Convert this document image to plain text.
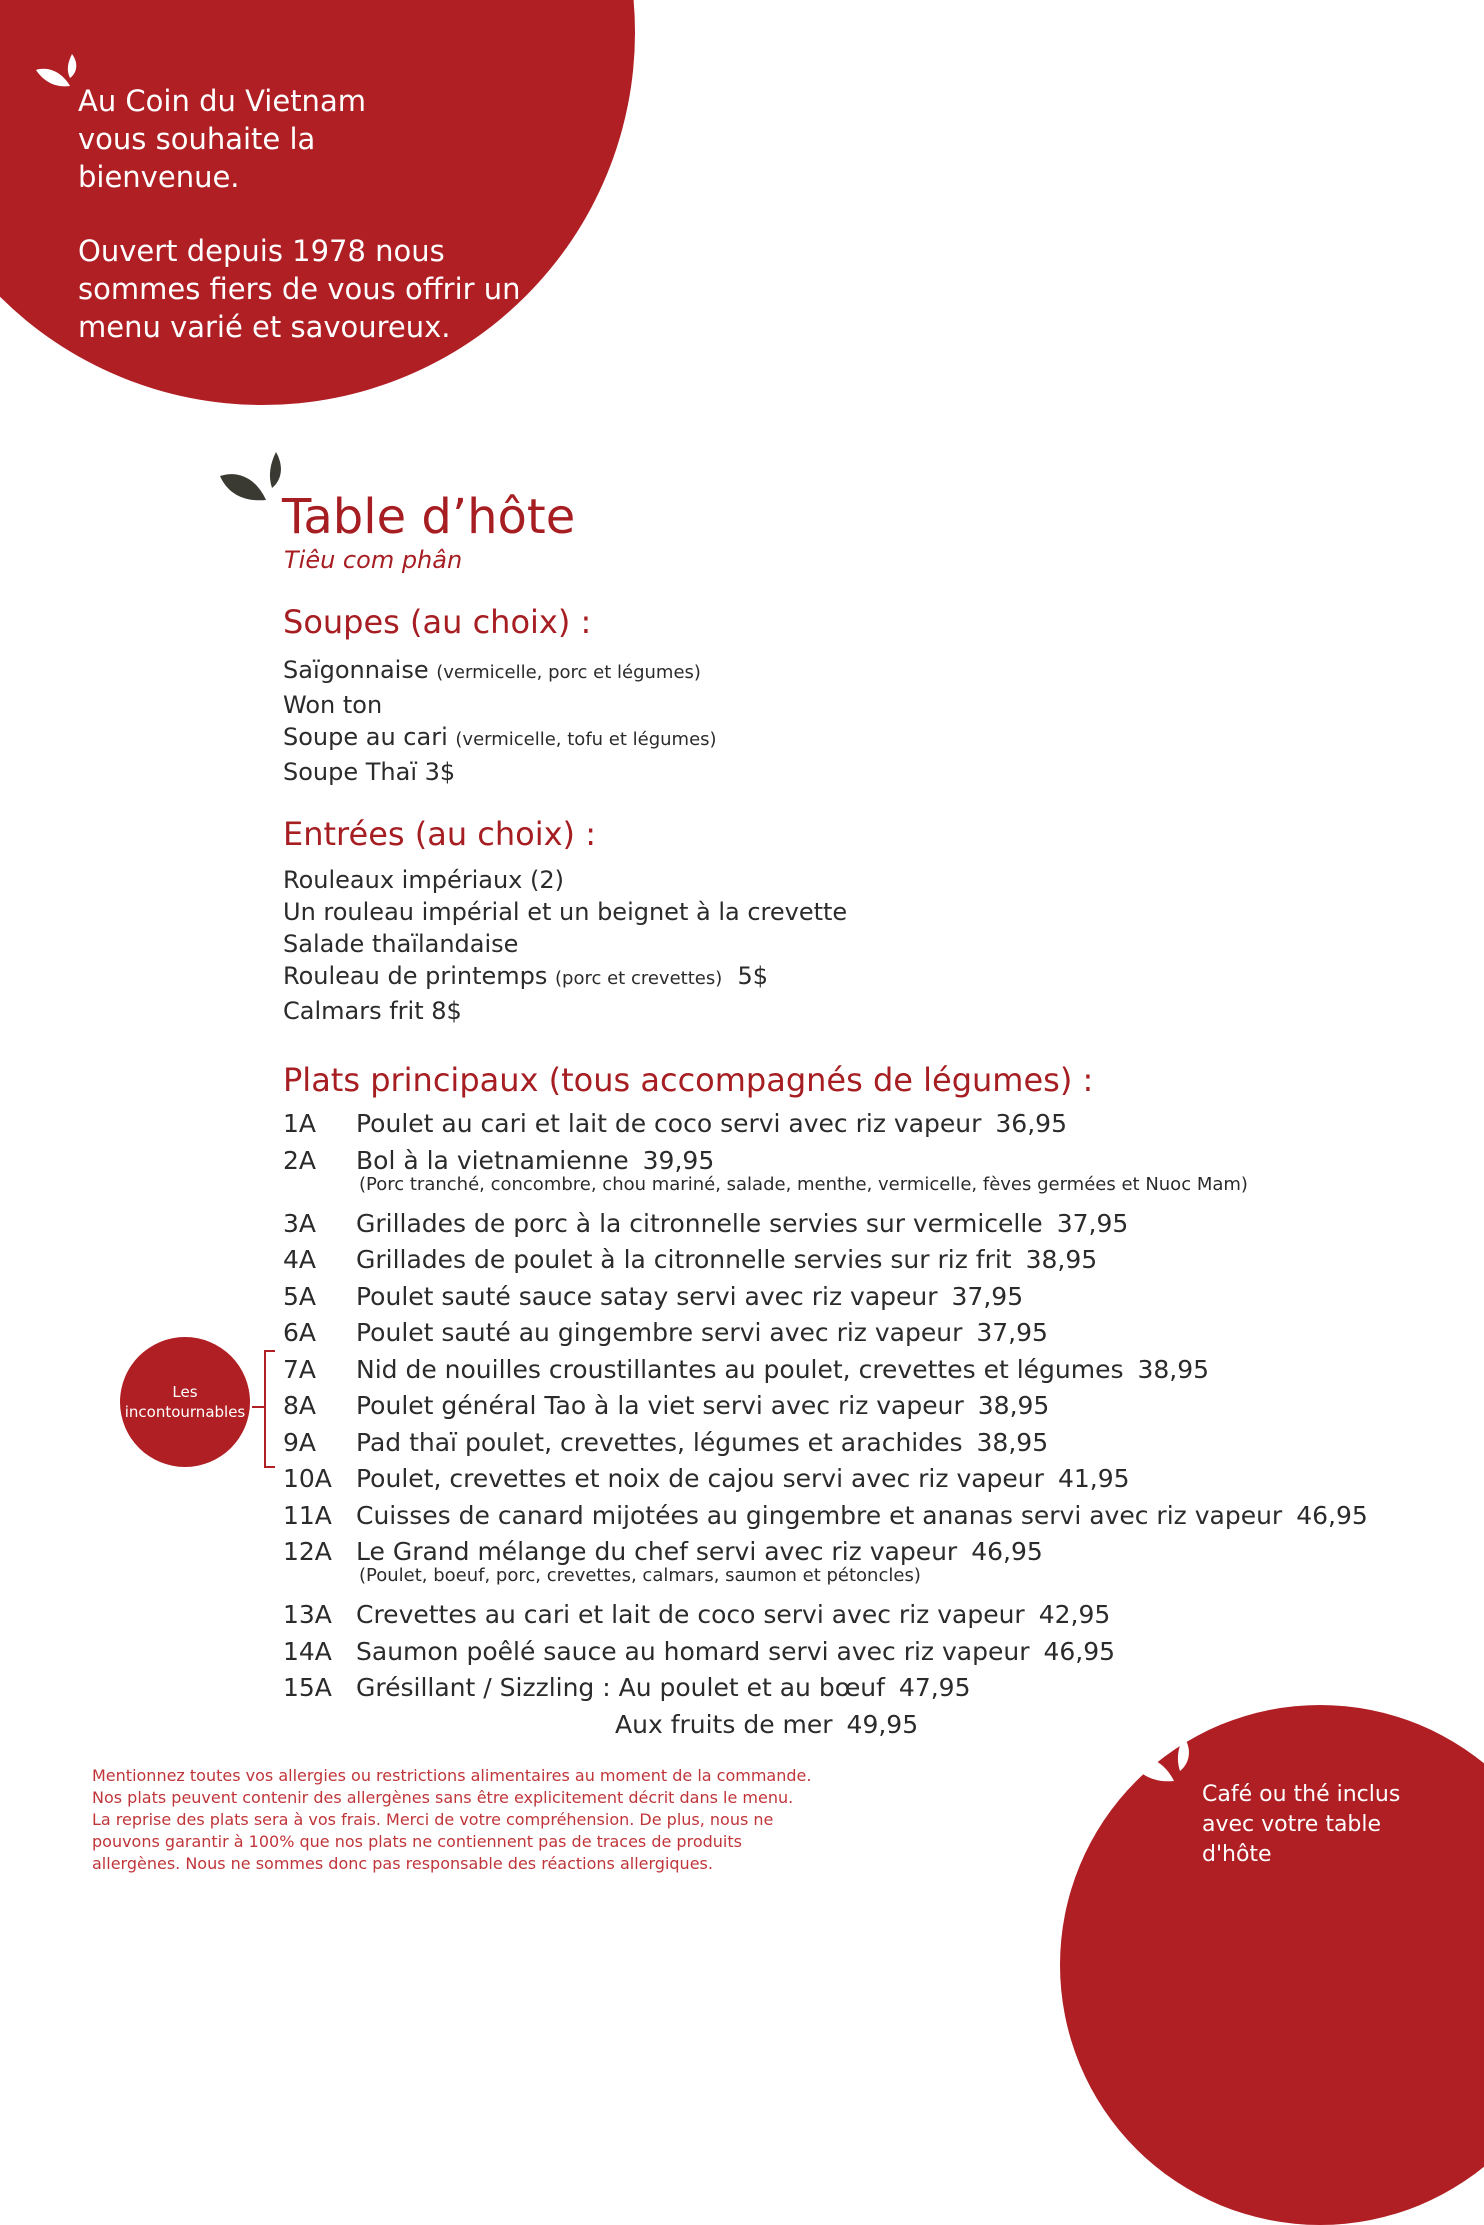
Au Coin du Vietnam vous souhaite la bienvenue.

Ouvert depuis 1978 nous sommes fiers de vous offrir un menu varié et savoureux.

Table d’hôte
Tiêu com phân
Soupes (au choix) :
Saïgonnaise (vermicelle, porc et légumes)
Won ton
Soupe au cari (vermicelle, tofu et légumes)
Soupe Thaï 3$
Entrées (au choix) :
Rouleaux impériaux (2)
Un rouleau impérial et un beignet à la crevette
Salade thaïlandaise
Rouleau de printemps (porc et crevettes) 5$
Calmars frit 8$
Plats principaux (tous accompagnés de légumes) :
1A Poulet au cari et lait de coco servi avec riz vapeur 36,95
2A Bol à la vietnamienne 39,95
(Porc tranché, concombre, chou mariné, salade, menthe, vermicelle, fèves germées et Nuoc Mam)
3A Grillades de porc à la citronnelle servies sur vermicelle 37,95
4A Grillades de poulet à la citronnelle servies sur riz frit 38,95
5A Poulet sauté sauce satay servi avec riz vapeur 37,95
6A Poulet sauté au gingembre servi avec riz vapeur 37,95
7A Nid de nouilles croustillantes au poulet, crevettes et légumes 38,95
8A Poulet général Tao à la viet servi avec riz vapeur 38,95
9A Pad thaï poulet, crevettes, légumes et arachides 38,95
10A Poulet, crevettes et noix de cajou servi avec riz vapeur 41,95
11A Cuisses de canard mijotées au gingembre et ananas servi avec riz vapeur 46,95
12A Le Grand mélange du chef servi avec riz vapeur 46,95
(Poulet, boeuf, porc, crevettes, calmars, saumon et pétoncles)
13A Crevettes au cari et lait de coco servi avec riz vapeur 42,95
14A Saumon poêlé sauce au homard servi avec riz vapeur 46,95
15A Grésillant / Sizzling : Au poulet et au bœuf 47,95
Aux fruits de mer 49,95
Les
incontournables
Mentionnez toutes vos allergies ou restrictions alimentaires au moment de la commande. Nos plats peuvent contenir des allergènes sans être explicitement décrit dans le menu. La reprise des plats sera à vos frais. Merci de votre compréhension. De plus, nous ne pouvons garantir à 100% que nos plats ne contiennent pas de traces de produits allergènes. Nous ne sommes donc pas responsable des réactions allergiques.
Café ou thé inclus avec votre table d'hôte
